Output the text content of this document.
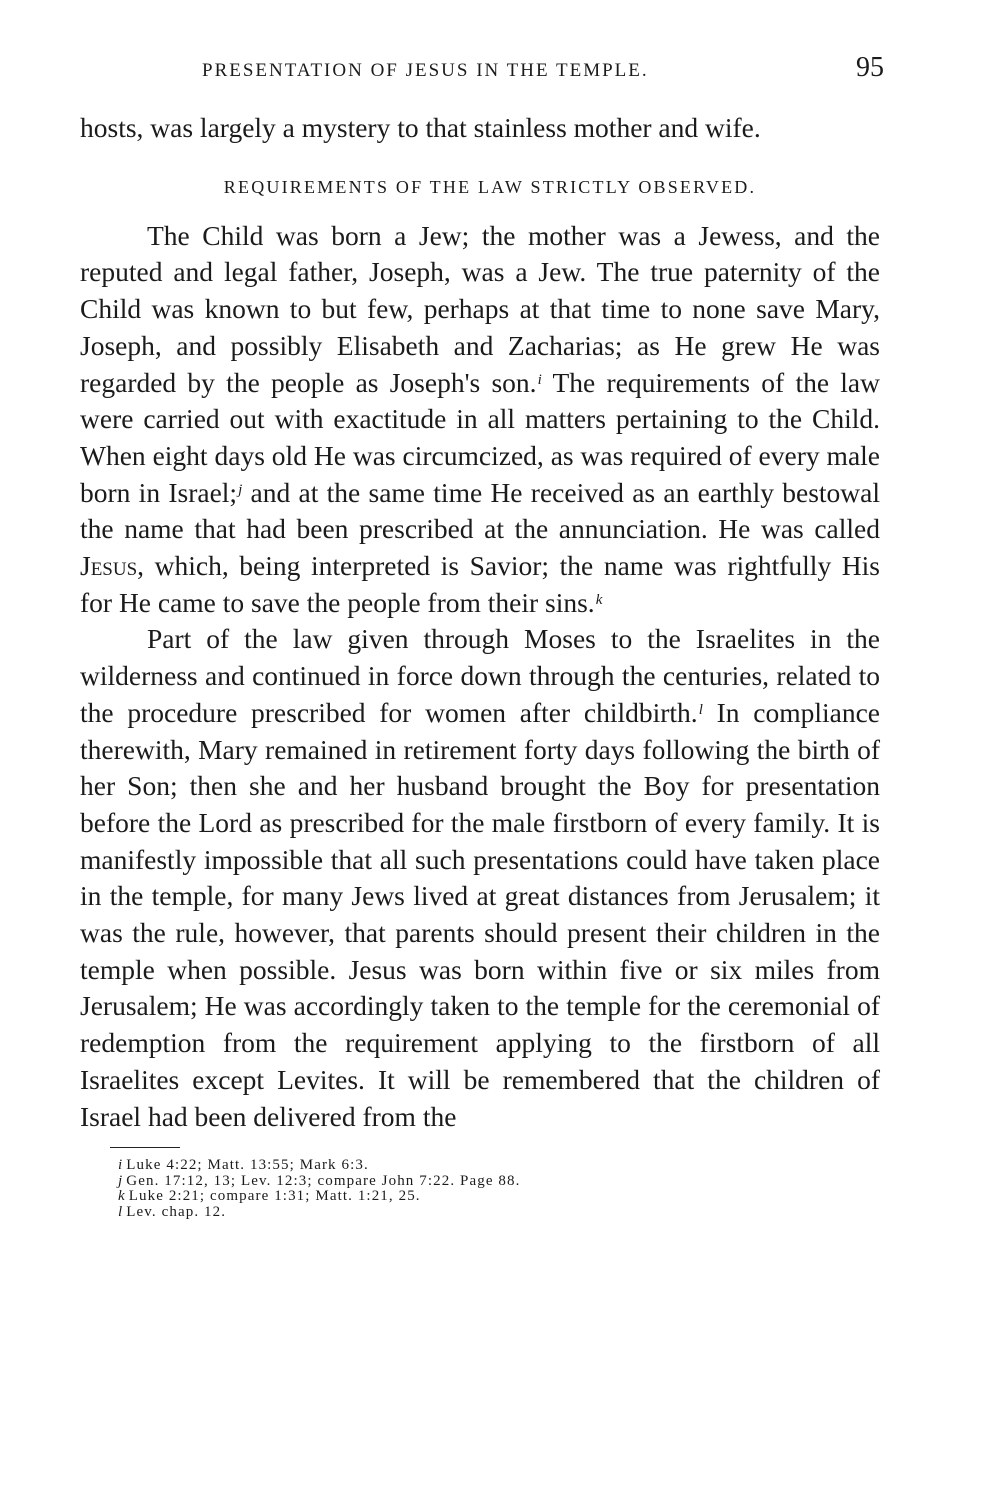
PRESENTATION OF JESUS IN THE TEMPLE.	95

hosts, was largely a mystery to that stainless mother and wife.

REQUIREMENTS OF THE LAW STRICTLY OBSERVED.

The Child was born a Jew; the mother was a Jewess, and the reputed and legal father, Joseph, was a Jew. The true paternity of the Child was known to but few, perhaps at that time to none save Mary, Joseph, and possibly Elisabeth and Zacharias; as He grew He was regarded by the people as Joseph's son.$^i$ The requirements of the law were carried out with exactitude in all matters pertaining to the Child. When eight days old He was circumcized, as was required of every male born in Israel;$^j$ and at the same time He received as an earthly bestowal the name that had been prescribed at the annunciation. He was called Jesus, which, being interpreted is Savior; the name was rightfully His for He came to save the people from their sins.$^k$

Part of the law given through Moses to the Israelites in the wilderness and continued in force down through the centuries, related to the procedure prescribed for women after childbirth.$^l$ In compliance therewith, Mary remained in retirement forty days following the birth of her Son; then she and her husband brought the Boy for presentation before the Lord as prescribed for the male firstborn of every family. It is manifestly impossible that all such presentations could have taken place in the temple, for many Jews lived at great distances from Jerusalem; it was the rule, however, that parents should present their children in the temple when possible. Jesus was born within five or six miles from Jerusalem; He was accordingly taken to the temple for the ceremonial of redemption from the requirement applying to the firstborn of all Israelites except Levites. It will be remembered that the children of Israel had been delivered from the

i Luke 4:22; Matt. 13:55; Mark 6:3.
j Gen. 17:12, 13; Lev. 12:3; compare John 7:22. Page 88.
k Luke 2:21; compare 1:31; Matt. 1:21, 25.
l Lev. chap. 12.
